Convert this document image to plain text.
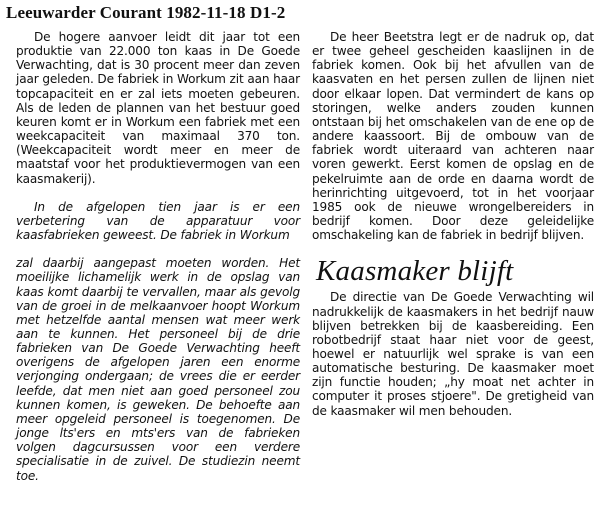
Leeuwarder Courant 1982-11-18 D1-2

De hogere aanvoer leidt dit jaar tot een produktie van 22.000 ton kaas in De Goede Verwachting, dat is 30 procent meer dan zeven jaar geleden. De fabriek in Workum zit aan haar topcapaciteit en er zal iets moeten gebeuren. Als de leden de plannen van het bestuur goed keuren komt er in Workum een fabriek met een weekcapaciteit van maximaal 370 ton. (Weekcapaciteit wordt meer en meer de maatstaf voor het produktievermogen van een kaasmakerij).

In de afgelopen tien jaar is er een verbetering van de apparatuur voor kaasfabrieken geweest. De fabriek in Workum

zal daarbij aangepast moeten worden. Het moeilijke lichamelijk werk in de opslag van kaas komt daarbij te vervallen, maar als gevolg van de groei in de melkaanvoer hoopt Workum met hetzelfde aantal mensen wat meer werk aan te kunnen. Het personeel bij de drie fabrieken van De Goede Verwachting heeft overigens de afgelopen jaren een enorme verjonging ondergaan; de vrees die er eerder leefde, dat men niet aan goed personeel zou kunnen komen, is geweken. De behoefte aan meer opgeleid personeel is toegenomen. De jonge lts'ers en mts'ers van de fabrieken volgen dagcursussen voor een verdere specialisatie in de zuivel. De studiezin neemt toe.

De heer Beetstra legt er de nadruk op, dat er twee geheel gescheiden kaaslijnen in de fabriek komen. Ook bij het afvullen van de kaasvaten en het persen zullen de lijnen niet door elkaar lopen. Dat vermindert de kans op storingen, welke anders zouden kunnen ontstaan bij het omschakelen van de ene op de andere kaassoort. Bij de ombouw van de fabriek wordt uiteraard van achteren naar voren gewerkt. Eerst komen de opslag en de pekelruimte aan de orde en daarna wordt de herinrichting uitgevoerd, tot in het voorjaar 1985 ook de nieuwe wrongelbereiders in bedrijf komen. Door deze geleidelijke omschakeling kan de fabriek in bedrijf blijven.

Kaasmaker blijft

De directie van De Goede Verwachting wil nadrukkelijk de kaasmakers in het bedrijf nauw blijven betrekken bij de kaasbereiding. Een robotbedrijf staat haar niet voor de geest, hoewel er natuurlijk wel sprake is van een automatische besturing. De kaasmaker moet zijn functie houden; „hy moat net achter in computer it proses stjoere". De gretigheid van de kaasmaker wil men behouden.
